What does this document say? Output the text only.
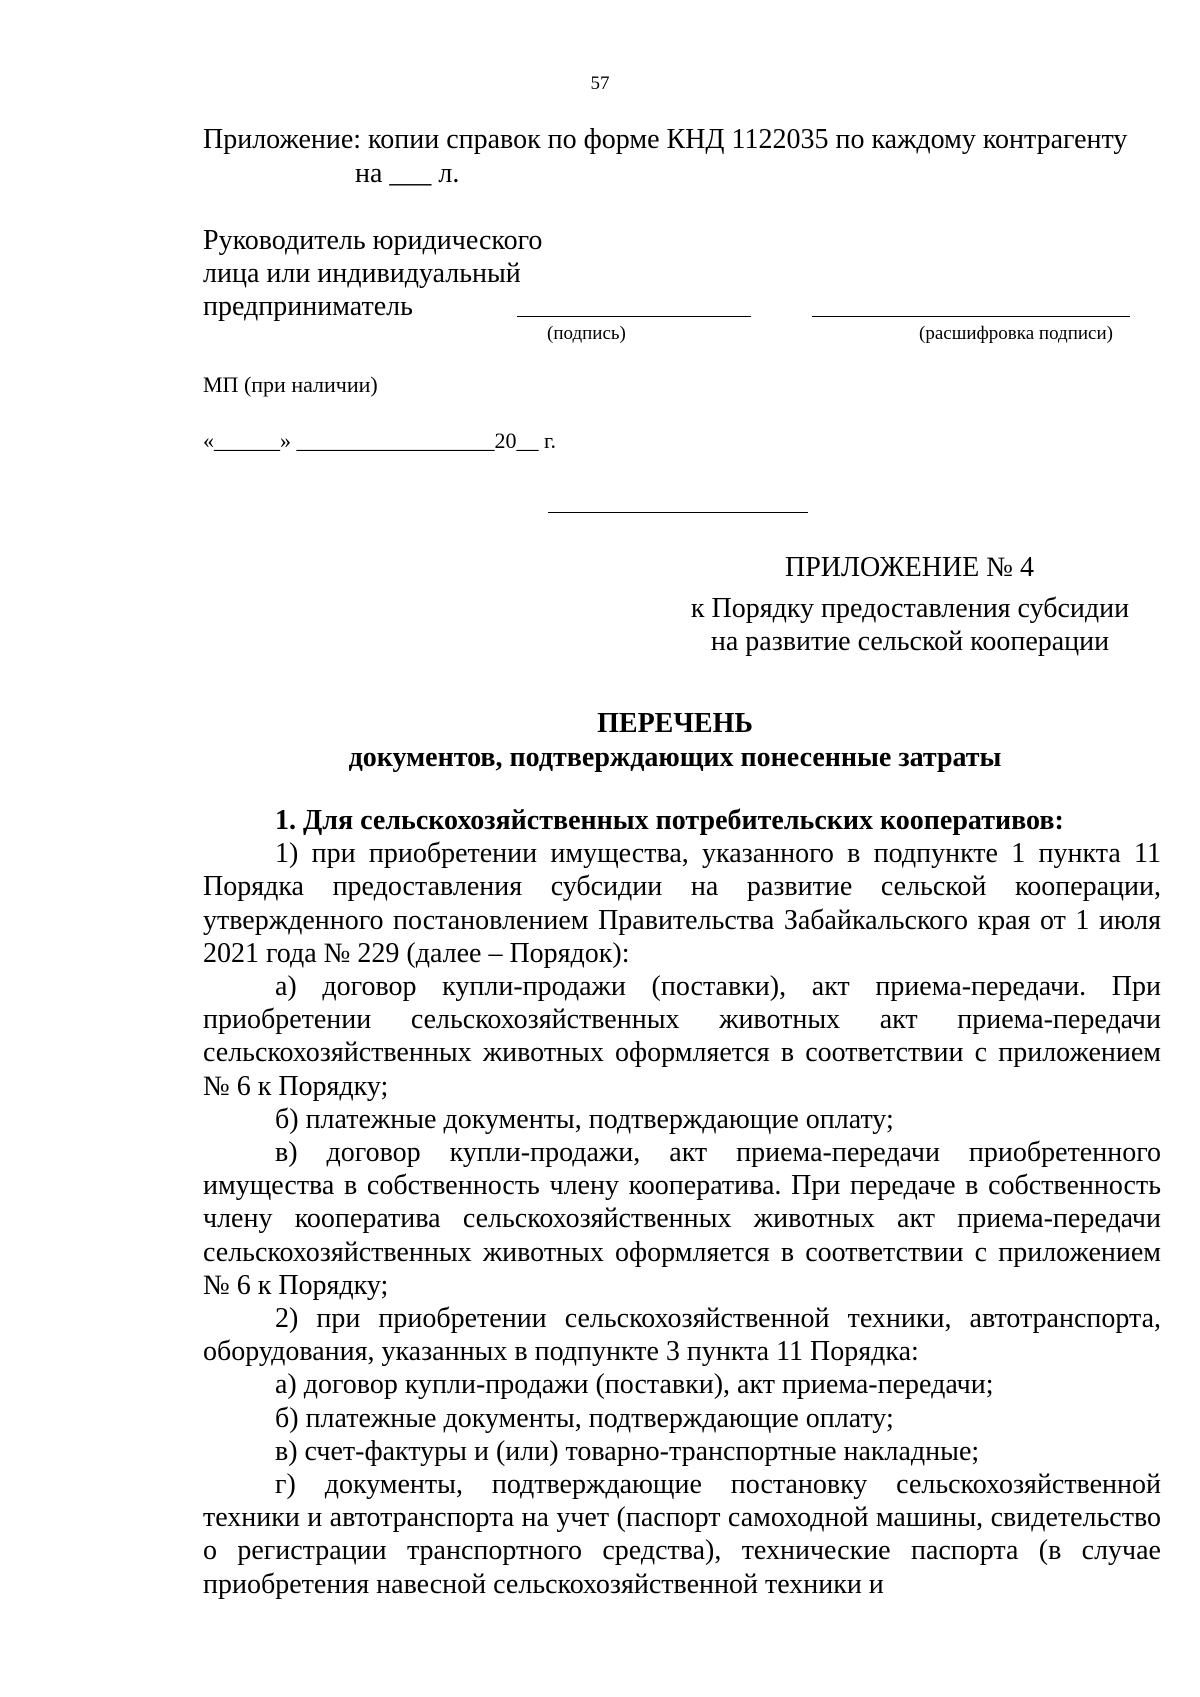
57
Приложение: копии справок по форме КНД 1122035 по каждому контрагенту
на ___ л.
Руководитель юридического
лица или индивидуальный
предприниматель
(подпись)	(расшифровка подписи)
МП (при наличии)
«______» __________________20__ г.
ПРИЛОЖЕНИЕ № 4
к Порядку предоставления субсидии
на развитие сельской кооперации
ПЕРЕЧЕНЬ
документов, подтверждающих понесенные затраты

1. Для сельскохозяйственных потребительских кооперативов:

1) при приобретении имущества, указанного в подпункте 1 пункта 11 Порядка предоставления субсидии на развитие сельской кооперации, утвержденного постановлением Правительства Забайкальского края от 1 июля 2021 года № 229 (далее – Порядок):

а) договор купли-продажи (поставки), акт приема-передачи. При приобретении сельскохозяйственных животных акт приема-передачи сельскохозяйственных животных оформляется в соответствии с приложением № 6 к Порядку;

б) платежные документы, подтверждающие оплату;

в) договор купли-продажи, акт приема-передачи приобретенного имущества в собственность члену кооператива. При передаче в собственность члену кооператива сельскохозяйственных животных акт приема-передачи сельскохозяйственных животных оформляется в соответствии с приложением № 6 к Порядку;

2) при приобретении сельскохозяйственной техники, автотранспорта, оборудования, указанных в подпункте 3 пункта 11 Порядка:

а) договор купли-продажи (поставки), акт приема-передачи;

б) платежные документы, подтверждающие оплату;

в) счет-фактуры и (или) товарно-транспортные накладные;

г) документы, подтверждающие постановку сельскохозяйственной техники и автотранспорта на учет (паспорт самоходной машины, свидетельство о регистрации транспортного средства), технические паспорта (в случае приобретения навесной сельскохозяйственной техники и
